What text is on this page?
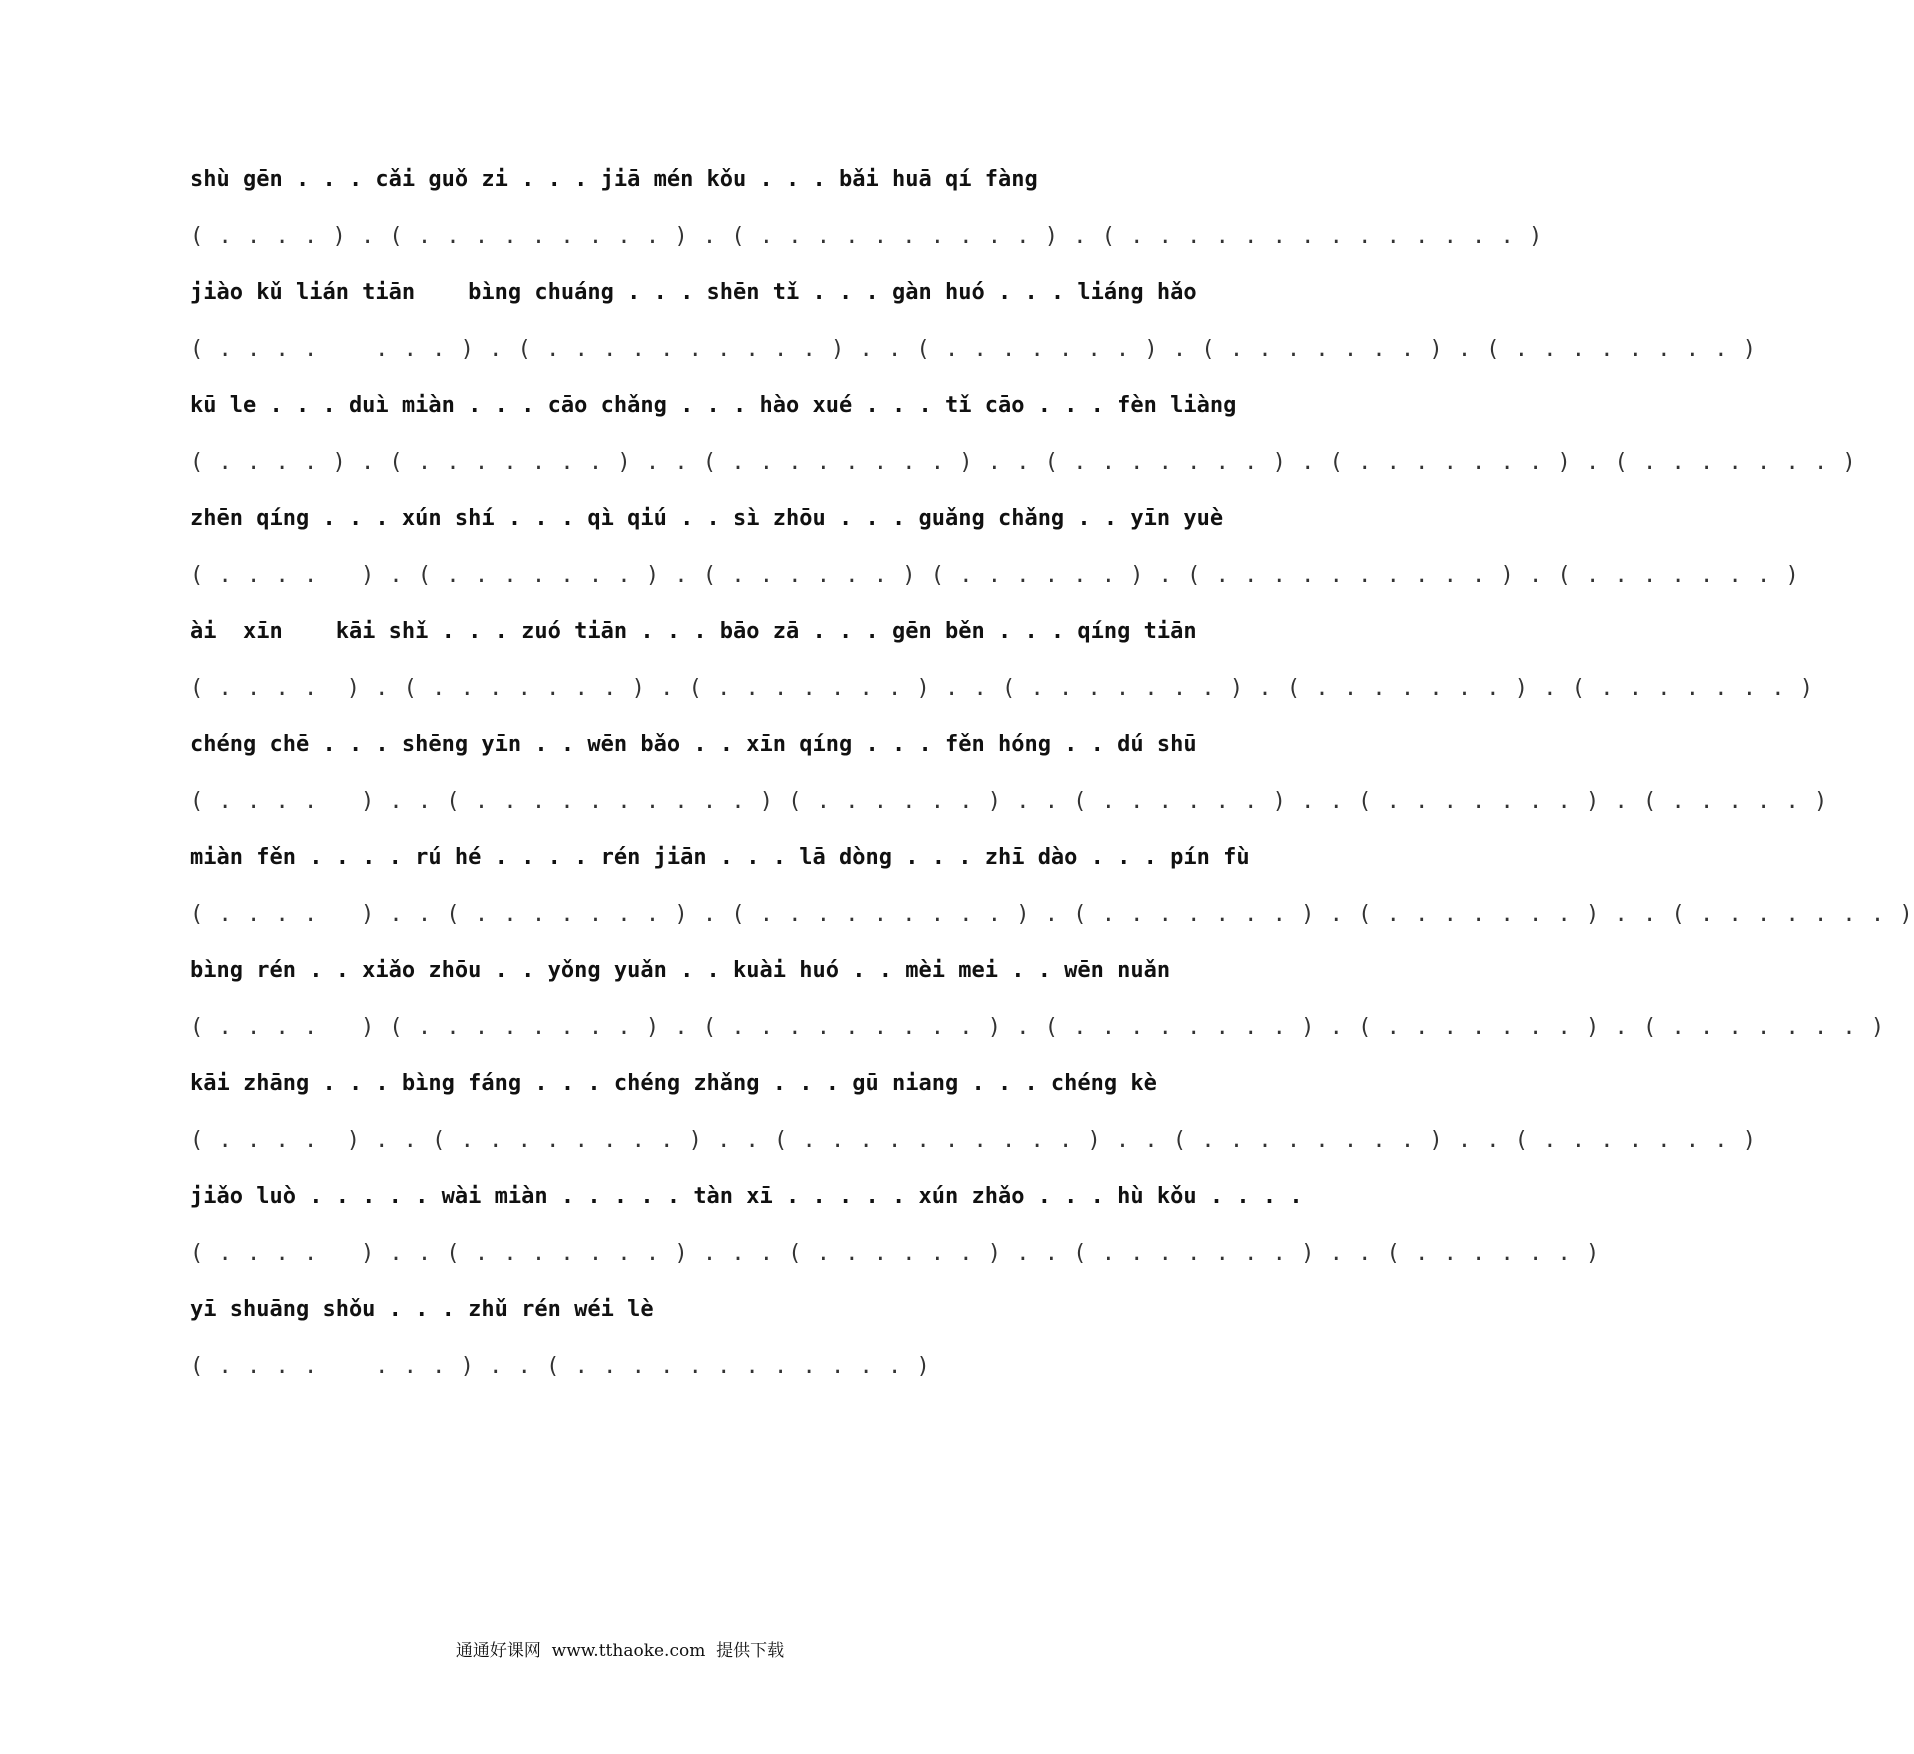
shù gēn . . . cǎi guǒ zi . . . jiā mén kǒu . . . bǎi huā qí fàng
( . . . . ) . ( . . . . . . . . . ) . ( . . . . . . . . . . ) . ( . . . . . . . . . . . . . . )
jiào kǔ lián tiān    bìng chuáng . . . shēn tǐ . . . gàn huó . . . liáng hǎo
( . . . .    . . . ) . ( . . . . . . . . . . ) . . ( . . . . . . . ) . ( . . . . . . . ) . ( . . . . . . . . )
kū le . . . duì miàn . . . cāo chǎng . . . hào xué . . . tǐ cāo . . . fèn liàng
( . . . . ) . ( . . . . . . . ) . . ( . . . . . . . . ) . . ( . . . . . . . ) . ( . . . . . . . ) . ( . . . . . . . )
zhēn qíng . . . xún shí . . . qì qiú . . sì zhōu . . . guǎng chǎng . . yīn yuè
( . . . .   ) . ( . . . . . . . ) . ( . . . . . . ) ( . . . . . . ) . ( . . . . . . . . . . ) . ( . . . . . . . )
ài  xīn    kāi shǐ . . . zuó tiān . . . bāo zā . . . gēn běn . . . qíng tiān
( . . . .  ) . ( . . . . . . . ) . ( . . . . . . . ) . . ( . . . . . . . ) . ( . . . . . . . ) . ( . . . . . . . )
chéng chē . . . shēng yīn . . wēn bǎo . . xīn qíng . . . fěn hóng . . dú shū
( . . . .   ) . . ( . . . . . . . . . . ) ( . . . . . . ) . . ( . . . . . . ) . . ( . . . . . . . ) . ( . . . . . )
miàn fěn . . . . rú hé . . . . rén jiān . . . lā dòng . . . zhī dào . . . pín fù
( . . . .   ) . . ( . . . . . . . ) . ( . . . . . . . . . ) . ( . . . . . . . ) . ( . . . . . . . ) . . ( . . . . . . . )
bìng rén . . xiǎo zhōu . . yǒng yuǎn . . kuài huó . . mèi mei . . wēn nuǎn
( . . . .   ) ( . . . . . . . . ) . ( . . . . . . . . . ) . ( . . . . . . . . ) . ( . . . . . . . ) . ( . . . . . . . )
kāi zhāng . . . bìng fáng . . . chéng zhǎng . . . gū niang . . . chéng kè
( . . . .  ) . . ( . . . . . . . . ) . . ( . . . . . . . . . . ) . . ( . . . . . . . . ) . . ( . . . . . . . )
jiǎo luò . . . . . wài miàn . . . . . tàn xī . . . . . xún zhǎo . . . hù kǒu . . . .
( . . . .   ) . . ( . . . . . . . ) . . . ( . . . . . . ) . . ( . . . . . . . ) . . ( . . . . . . )
yī shuāng shǒu . . . zhǔ rén wéi lè
( . . . .    . . . ) . . ( . . . . . . . . . . . . )
通通好课网  www.tthaoke.com  提供下载
